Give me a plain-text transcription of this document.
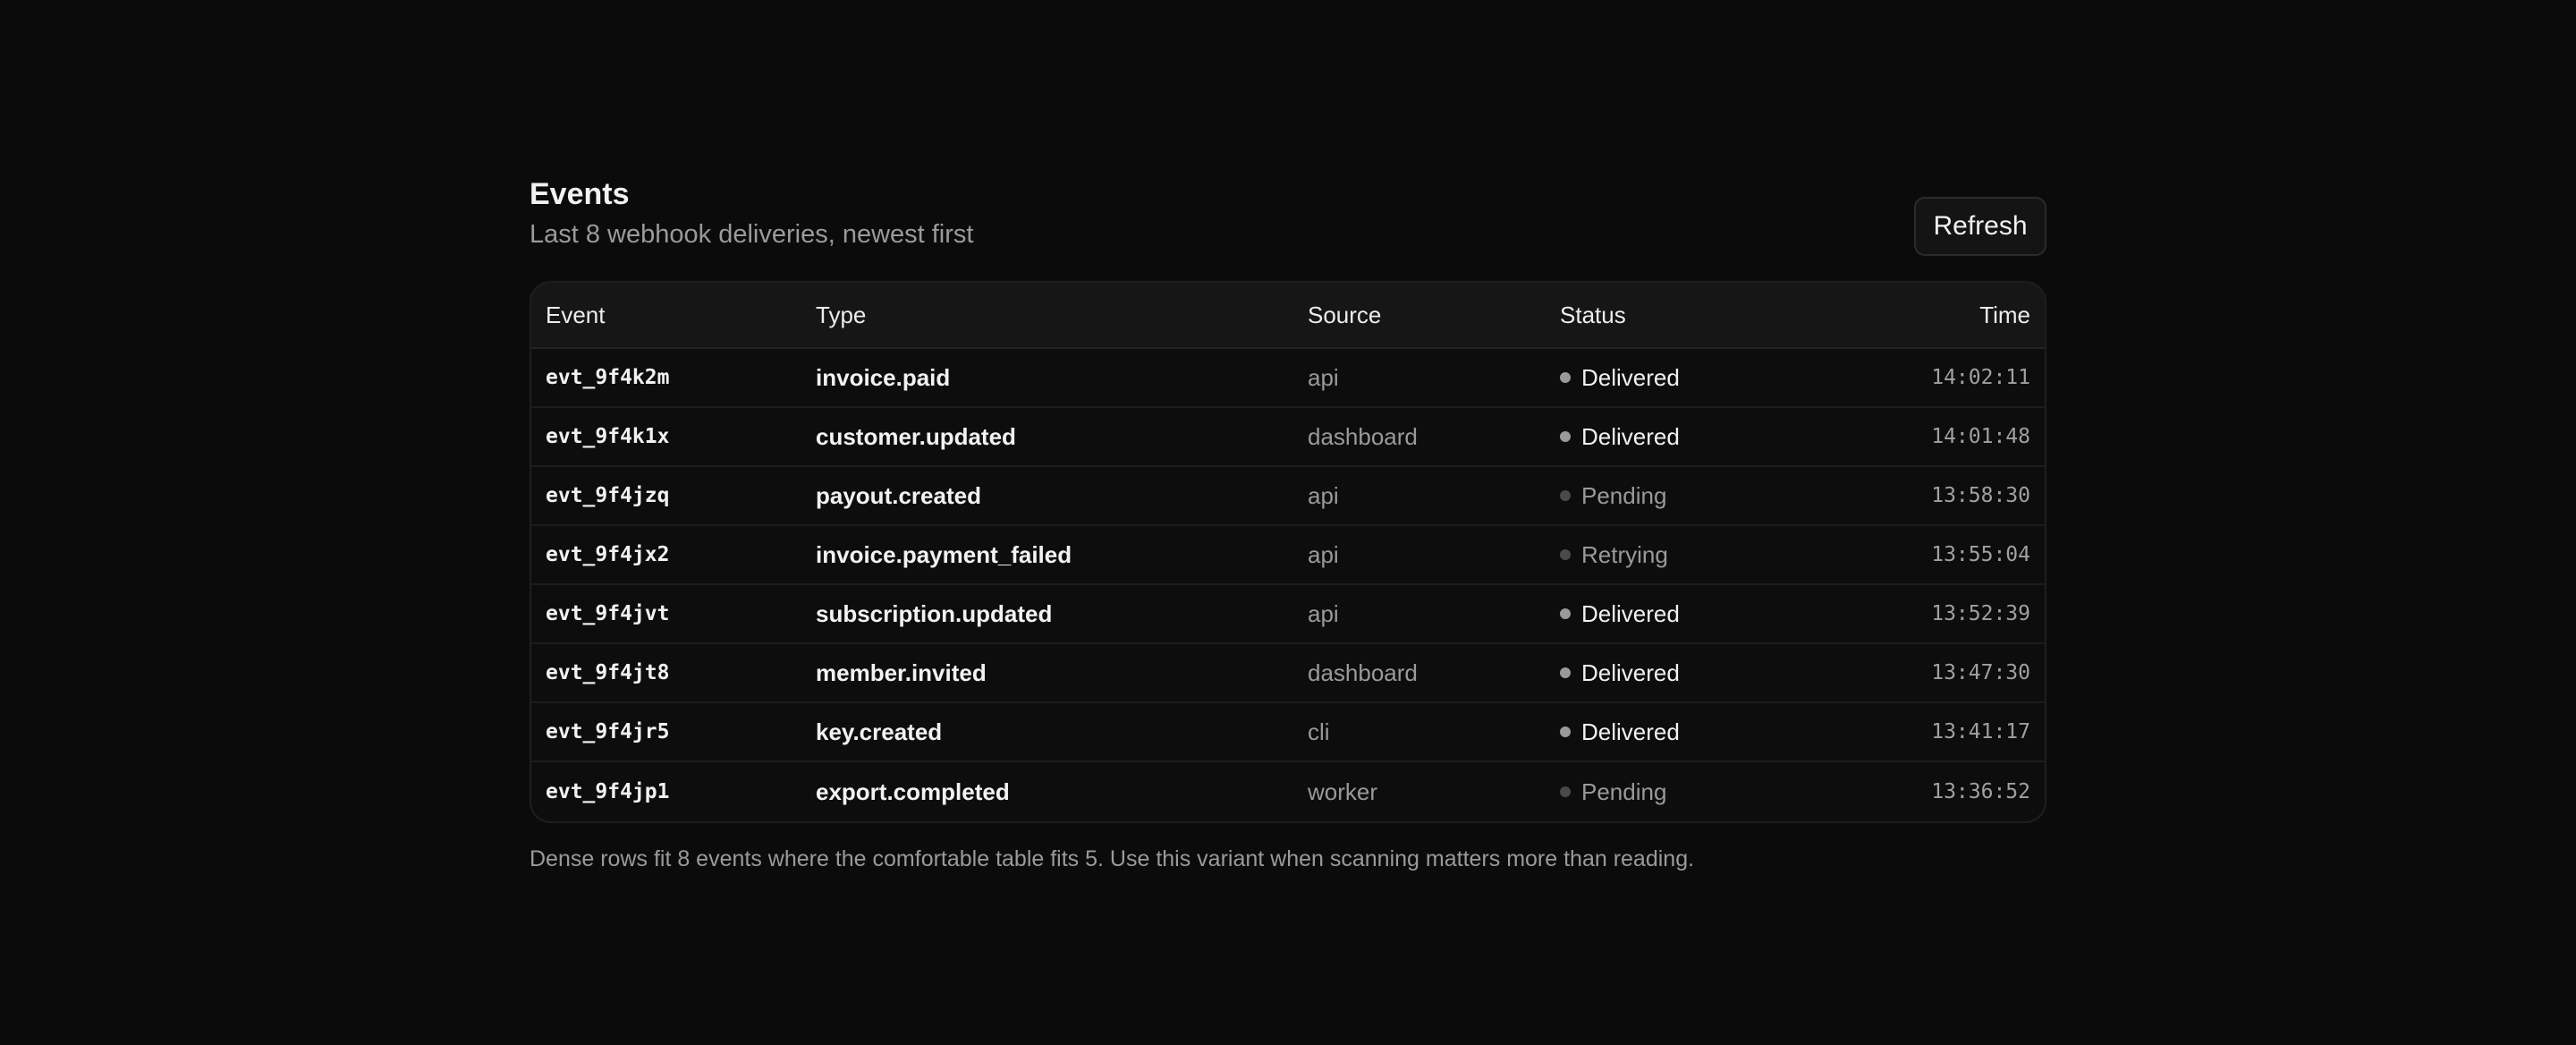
Events
Last 8 webhook deliveries, newest first	Refresh
Event	Type	Source	Status	Time
evt_9f4k2m	invoice.paid	api	Delivered	14:02:11
evt_9f4k1x	customer.updated	dashboard	Delivered	14:01:48
evt_9f4jzq	payout.created	api	Pending	13:58:30
evt_9f4jx2	invoice.payment_failed	api	Retrying	13:55:04
evt_9f4jvt	subscription.updated	api	Delivered	13:52:39
evt_9f4jt8	member.invited	dashboard	Delivered	13:47:30
evt_9f4jr5	key.created	cli	Delivered	13:41:17
evt_9f4jp1	export.completed	worker	Pending	13:36:52
Dense rows fit 8 events where the comfortable table fits 5. Use this variant when scanning matters more than reading.
